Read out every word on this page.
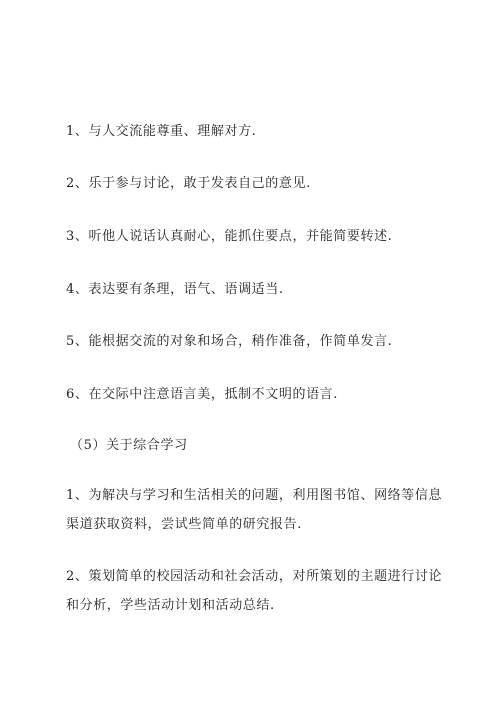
1、与人交流能尊重、理解对方.

2、乐于参与讨论，敢于发表自己的意见.

3、听他人说话认真耐心，能抓住要点，并能简要转述.

4、表达要有条理，语气、语调适当.

5、能根据交流的对象和场合，稍作准备，作简单发言.

6、在交际中注意语言美，抵制不文明的语言.

（5）关于综合学习

1、为解决与学习和生活相关的问题，利用图书馆、网络等信息渠道获取资料，尝试些简单的研究报告.

2、策划简单的校园活动和社会活动，对所策划的主题进行讨论和分析，学些活动计划和活动总结.
